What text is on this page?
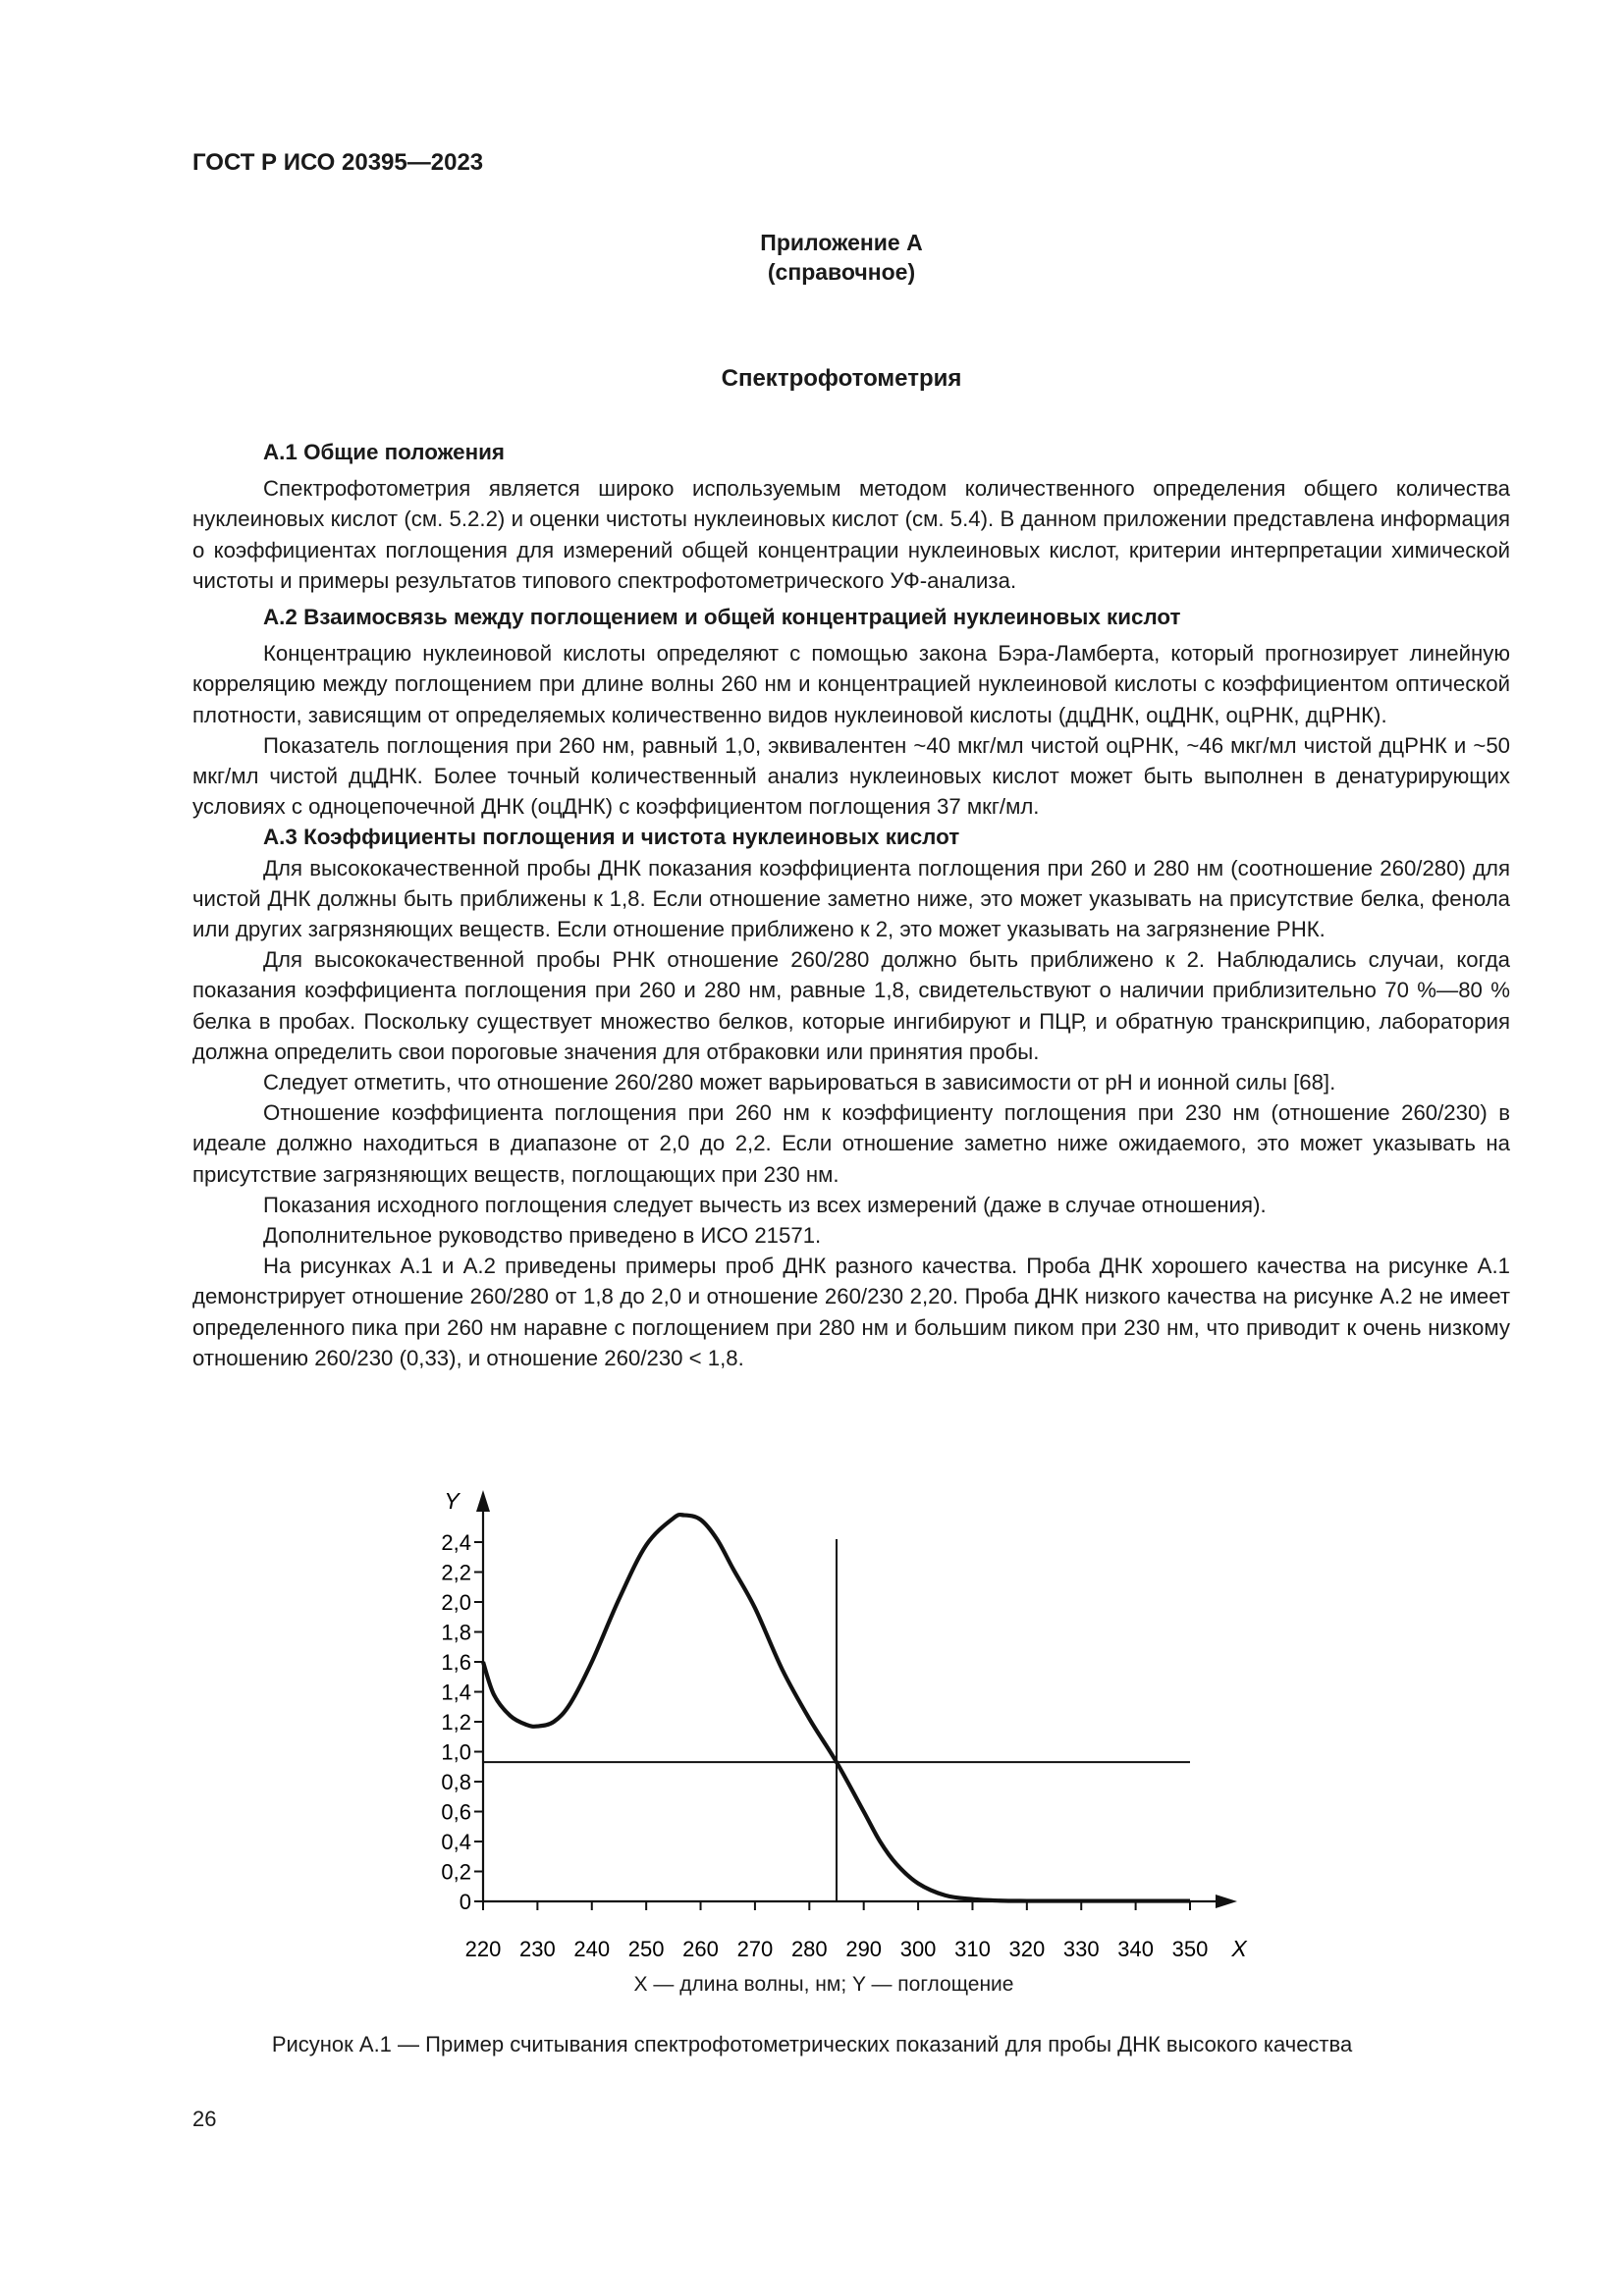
ГОСТ Р ИСО 20395—2023
Приложение А
(справочное)
Спектрофотометрия
А.1 Общие положения

Спектрофотометрия является широко используемым методом количественного определения общего количества нуклеиновых кислот (см. 5.2.2) и оценки чистоты нуклеиновых кислот (см. 5.4). В данном приложении представлена информация о коэффициентах поглощения для измерений общей концентрации нуклеиновых кислот, критерии интерпретации химической чистоты и примеры результатов типового спектрофотометрического УФ-анализа.

А.2 Взаимосвязь между поглощением и общей концентрацией нуклеиновых кислот

Концентрацию нуклеиновой кислоты определяют с помощью закона Бэра-Ламберта, который прогнозирует линейную корреляцию между поглощением при длине волны 260 нм и концентрацией нуклеиновой кислоты с коэффициентом оптической плотности, зависящим от определяемых количественно видов нуклеиновой кислоты (дцДНК, оцДНК, оцРНК, дцРНК).

Показатель поглощения при 260 нм, равный 1,0, эквивалентен ~40 мкг/мл чистой оцРНК, ~46 мкг/мл чистой дцРНК и ~50 мкг/мл чистой дцДНК. Более точный количественный анализ нуклеиновых кислот может быть выполнен в денатурирующих условиях с одноцепочечной ДНК (оцДНК) с коэффициентом поглощения 37 мкг/мл.

А.3 Коэффициенты поглощения и чистота нуклеиновых кислот

Для высококачественной пробы ДНК показания коэффициента поглощения при 260 и 280 нм (соотношение 260/280) для чистой ДНК должны быть приближены к 1,8. Если отношение заметно ниже, это может указывать на присутствие белка, фенола или других загрязняющих веществ. Если отношение приближено к 2, это может указывать на загрязнение РНК.

Для высококачественной пробы РНК отношение 260/280 должно быть приближено к 2. Наблюдались случаи, когда показания коэффициента поглощения при 260 и 280 нм, равные 1,8, свидетельствуют о наличии приблизительно 70 %—80 % белка в пробах. Поскольку существует множество белков, которые ингибируют и ПЦР, и обратную транскрипцию, лаборатория должна определить свои пороговые значения для отбраковки или принятия пробы.

Следует отметить, что отношение 260/280 может варьироваться в зависимости от pH и ионной силы [68].

Отношение коэффициента поглощения при 260 нм к коэффициенту поглощения при 230 нм (отношение 260/230) в идеале должно находиться в диапазоне от 2,0 до 2,2. Если отношение заметно ниже ожидаемого, это может указывать на присутствие загрязняющих веществ, поглощающих при 230 нм.

Показания исходного поглощения следует вычесть из всех измерений (даже в случае отношения).

Дополнительное руководство приведено в ИСО 21571.

На рисунках А.1 и А.2 приведены примеры проб ДНК разного качества. Проба ДНК хорошего качества на рисунке А.1 демонстрирует отношение 260/280 от 1,8 до 2,0 и отношение 260/230 2,20. Проба ДНК низкого качества на рисунке А.2 не имеет определенного пика при 260 нм наравне с поглощением при 280 нм и большим пиком при 230 нм, что приводит к очень низкому отношению 260/230 (0,33), и отношение 260/230 < 1,8.

Y
X
0
0,2
0,4
0,6
0,8
1,0
1,2
1,4
1,6
1,8
2,0
2,2
2,4
220 230 240 250 260 270 280 290 300 310 320 330 340 350
X — длина волны, нм; Y — поглощение
Рисунок А.1 — Пример считывания спектрофотометрических показаний для пробы ДНК высокого качества
26
